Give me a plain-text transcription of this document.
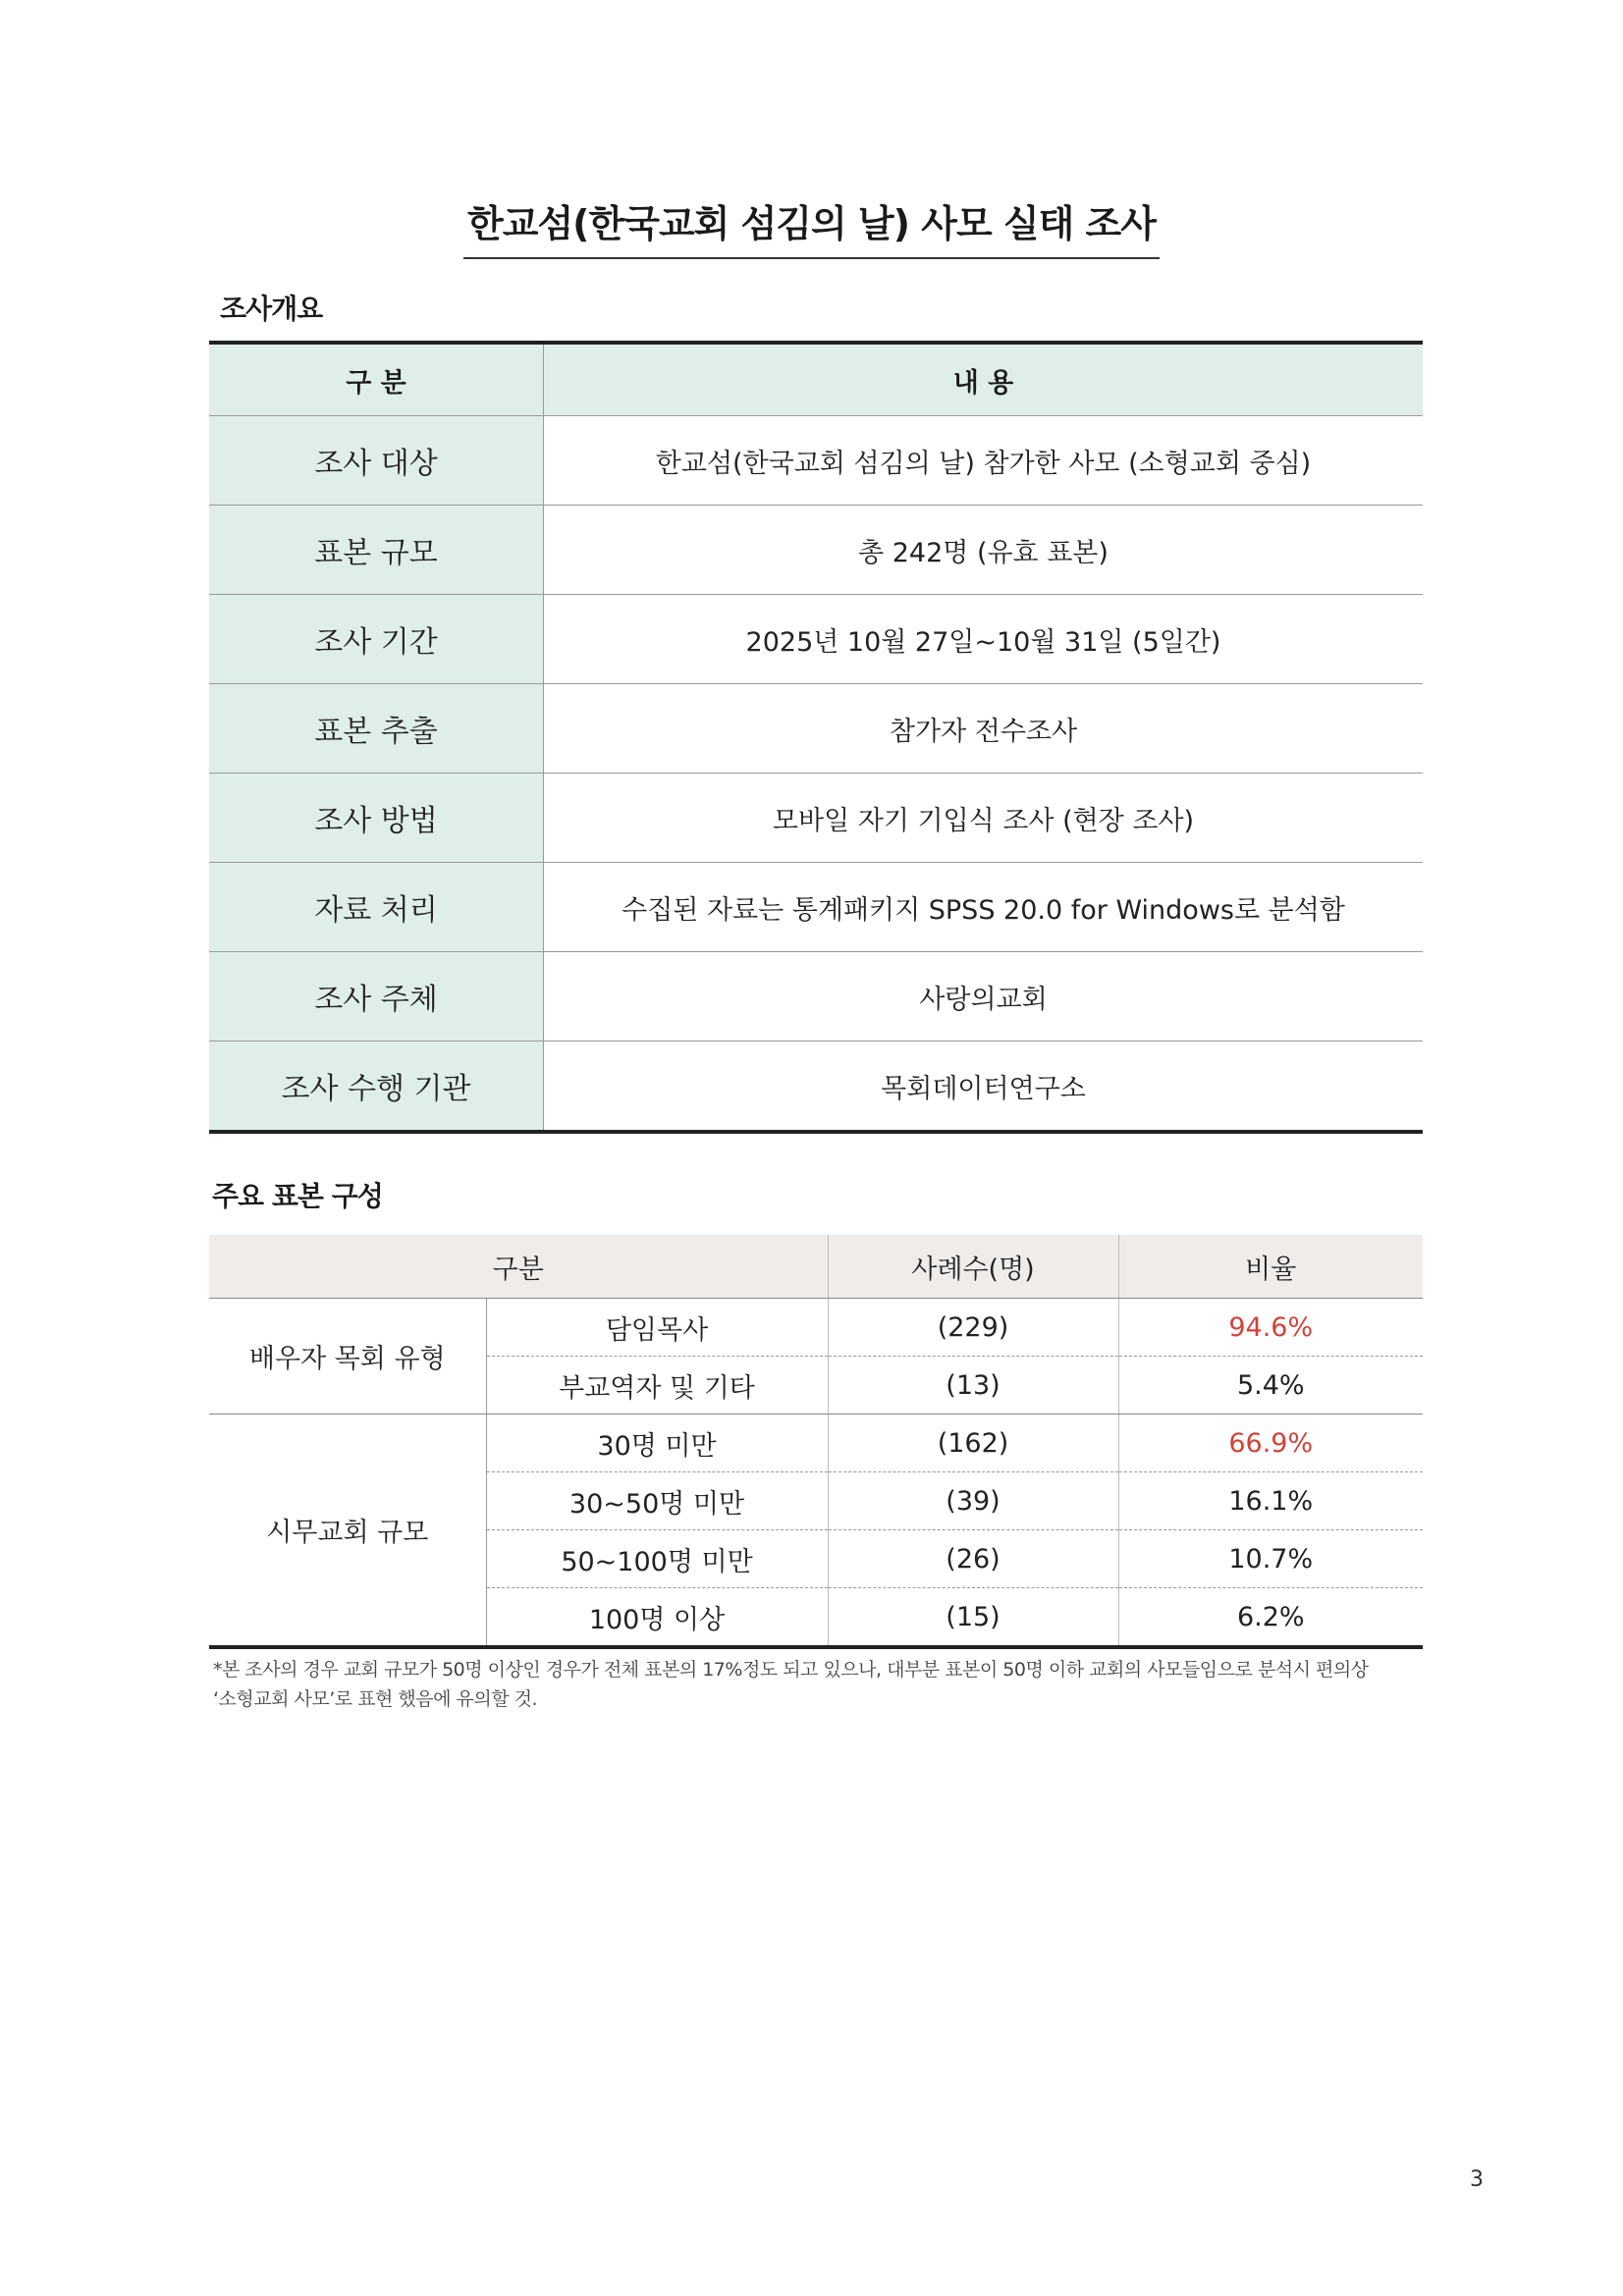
한교섬(한국교회 섬김의 날) 사모 실태 조사
조사개요
구 분	내 용
조사 대상	한교섬(한국교회 섬김의 날) 참가한 사모 (소형교회 중심)
표본 규모	총 242명 (유효 표본)
조사 기간	2025년 10월 27일~10월 31일 (5일간)
표본 추출	참가자 전수조사
조사 방법	모바일 자기 기입식 조사 (현장 조사)
자료 처리	수집된 자료는 통계패키지 SPSS 20.0 for Windows로 분석함
조사 주체	사랑의교회
조사 수행 기관	목회데이터연구소
주요 표본 구성
구분		사례수(명)	비율
배우자 목회 유형	담임목사	(229)	94.6%
	부교역자 및 기타	(13)	5.4%
시무교회 규모	30명 미만	(162)	66.9%
	30~50명 미만	(39)	16.1%
	50~100명 미만	(26)	10.7%
	100명 이상	(15)	6.2%
*본 조사의 경우 교회 규모가 50명 이상인 경우가 전체 표본의 17%정도 되고 있으나, 대부분 표본이 50명 이하 교회의 사모들임으로 분석시 편의상
‘소형교회 사모’로 표현 했음에 유의할 것.
3
